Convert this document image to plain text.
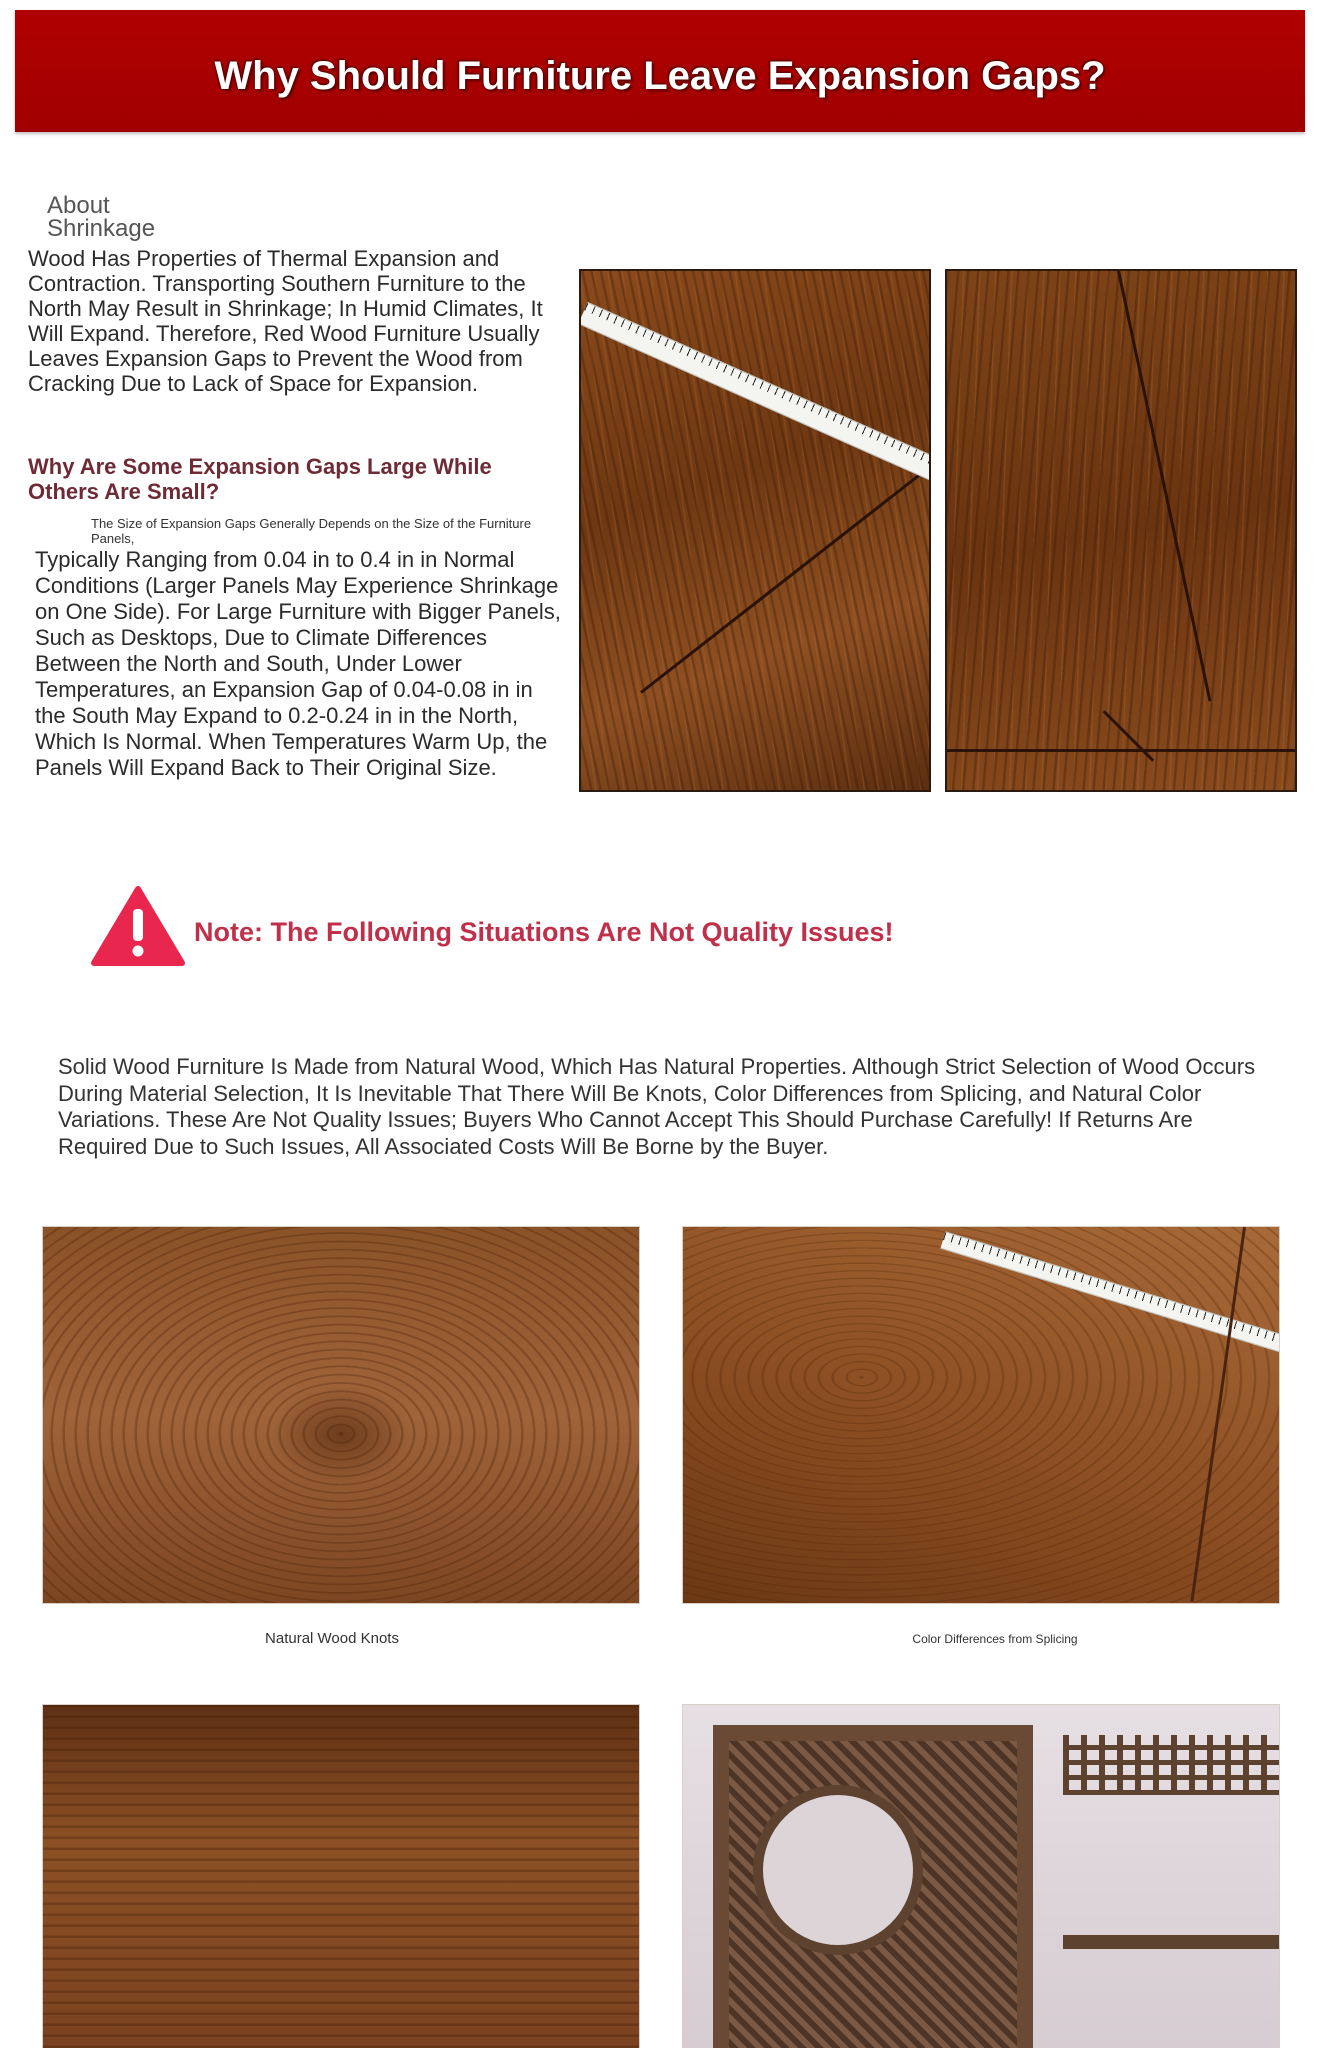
Why Should Furniture Leave Expansion Gaps?
About Shrinkage

Wood Has Properties of Thermal Expansion and Contraction. Transporting Southern Furniture to the North May Result in Shrinkage; In Humid Climates, It Will Expand. Therefore, Red Wood Furniture Usually Leaves Expansion Gaps to Prevent the Wood from Cracking Due to Lack of Space for Expansion.

Why Are Some Expansion Gaps Large While Others Are Small?
The Size of Expansion Gaps Generally Depends on the Size of the Furniture Panels,

Typically Ranging from 0.04 in to 0.4 in in Normal Conditions (Larger Panels May Experience Shrinkage on One Side). For Large Furniture with Bigger Panels, Such as Desktops, Due to Climate Differences Between the North and South, Under Lower Temperatures, an Expansion Gap of 0.04-0.08 in in the South May Expand to 0.2-0.24 in in the North, Which Is Normal. When Temperatures Warm Up, the Panels Will Expand Back to Their Original Size.

Note: The Following Situations Are Not Quality Issues!

Solid Wood Furniture Is Made from Natural Wood, Which Has Natural Properties. Although Strict Selection of Wood Occurs During Material Selection, It Is Inevitable That There Will Be Knots, Color Differences from Splicing, and Natural Color Variations. These Are Not Quality Issues; Buyers Who Cannot Accept This Should Purchase Carefully! If Returns Are Required Due to Such Issues, All Associated Costs Will Be Borne by the Buyer.

Natural Wood Knots	Color Differences from Splicing
